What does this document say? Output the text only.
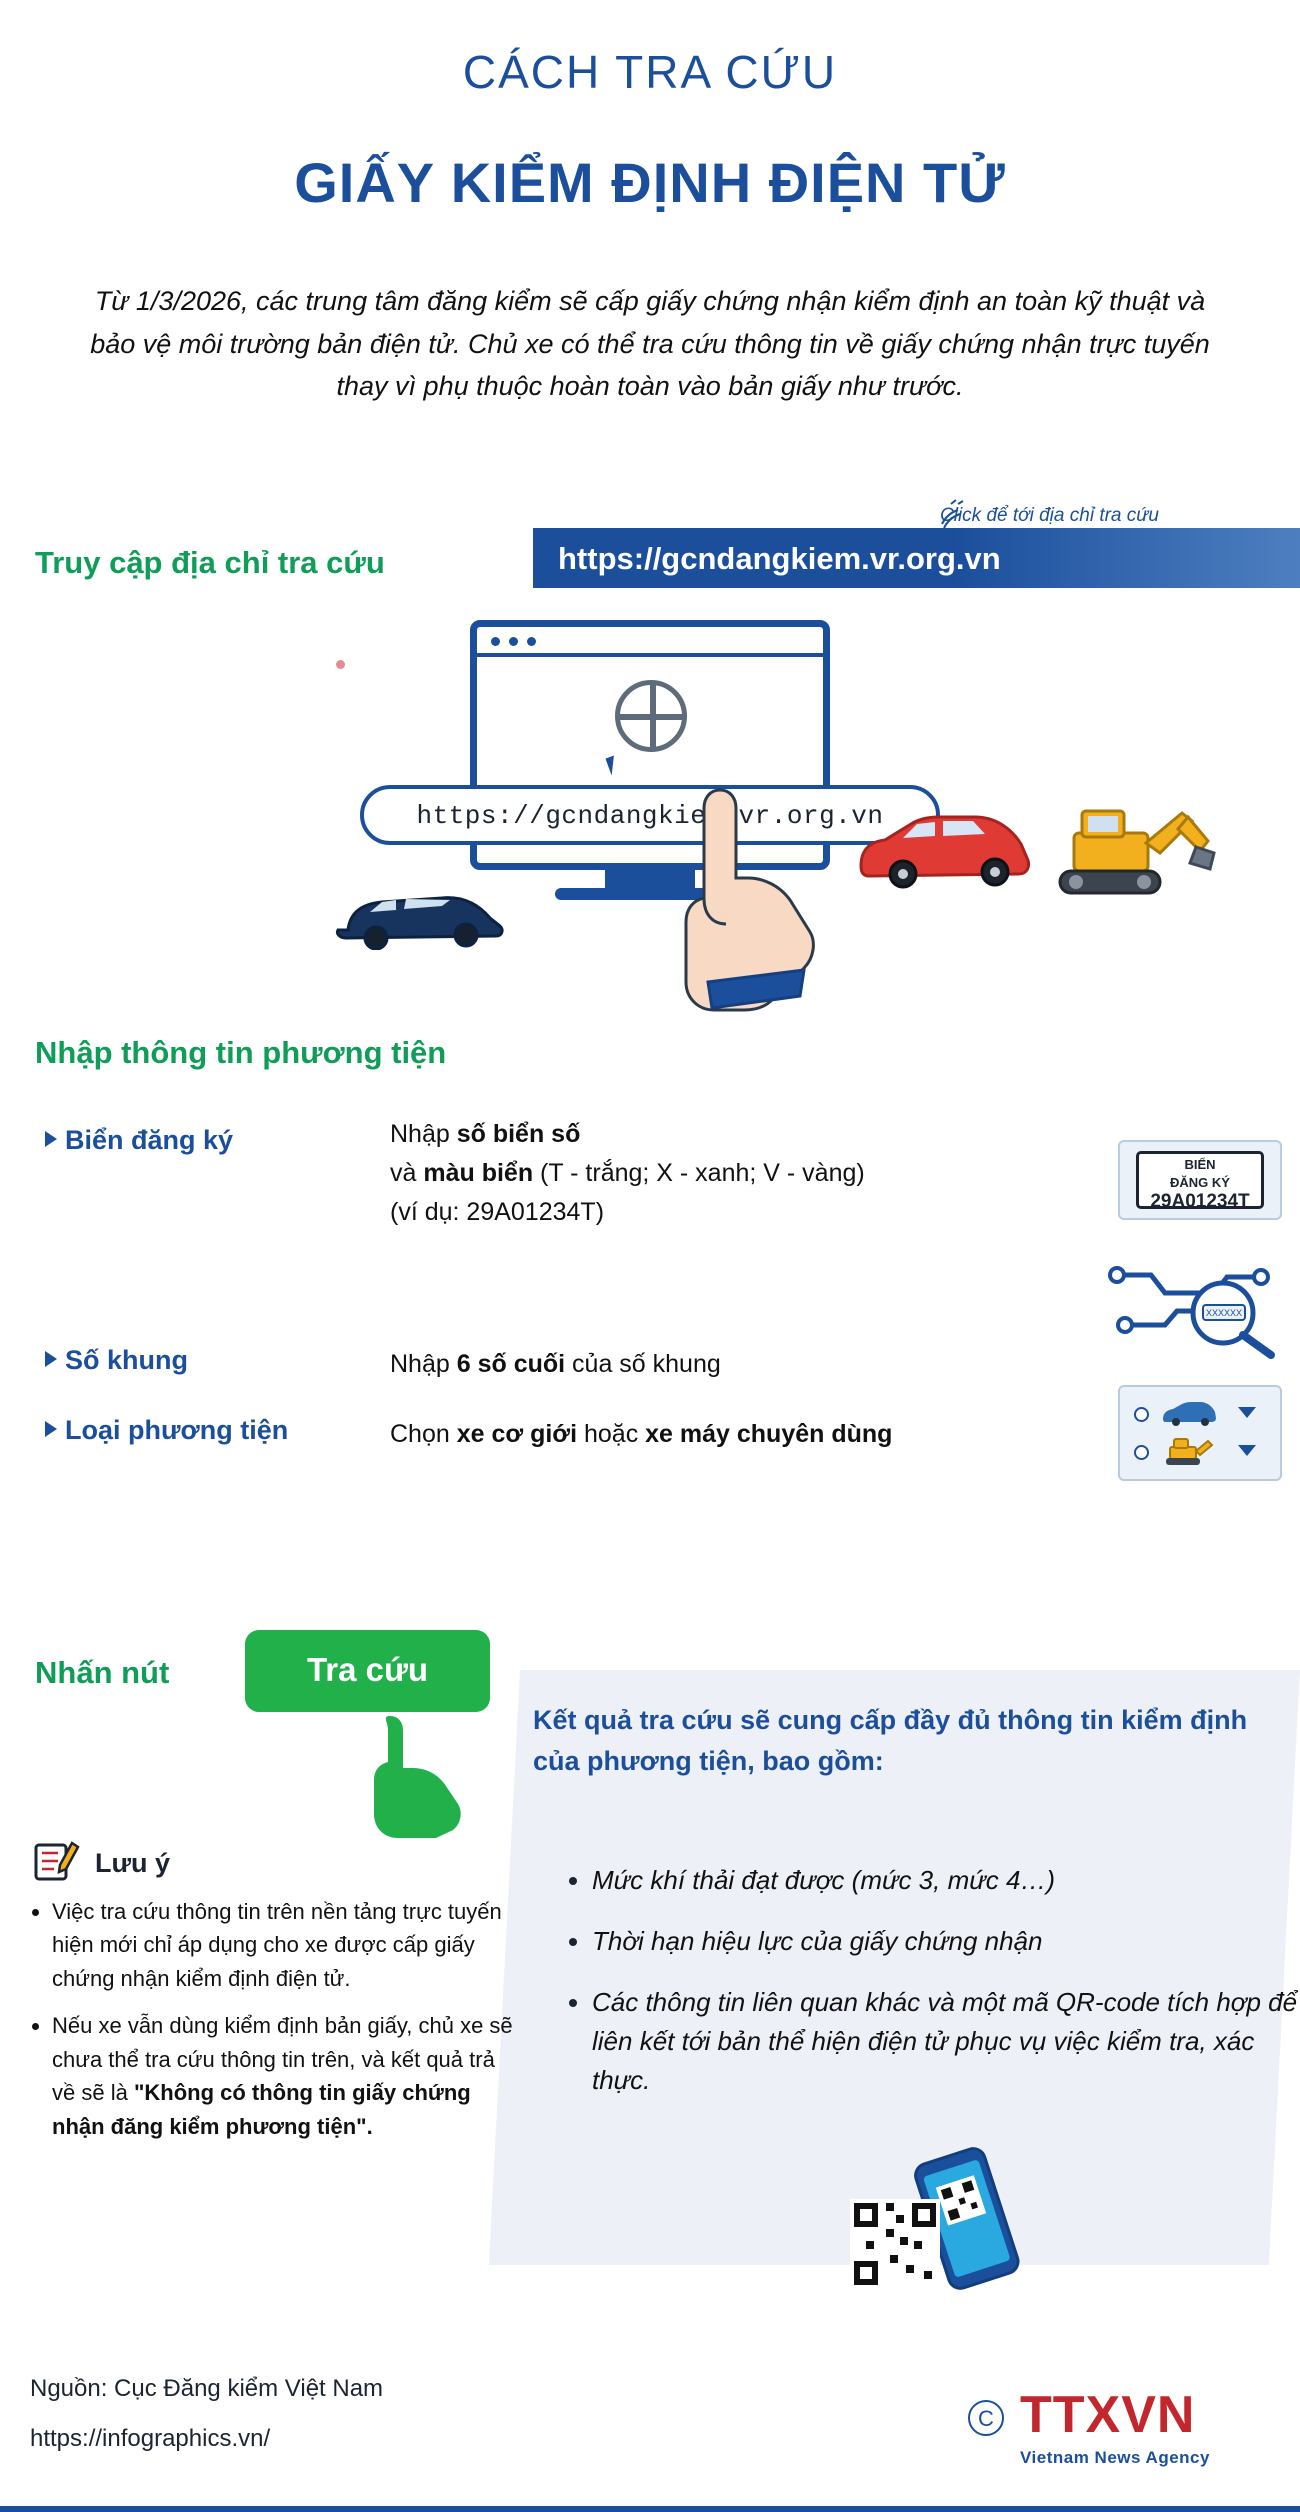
CÁCH TRA CỨU
GIẤY KIỂM ĐỊNH ĐIỆN TỬ
Từ 1/3/2026, các trung tâm đăng kiểm sẽ cấp giấy chứng nhận kiểm định an toàn kỹ thuật và bảo vệ môi trường bản điện tử. Chủ xe có thể tra cứu thông tin về giấy chứng nhận trực tuyến thay vì phụ thuộc hoàn toàn vào bản giấy như trước.
Click để tới địa chỉ tra cứu
Truy cập địa chỉ tra cứu	https://gcndangkiem.vr.org.vn
https://gcndangkiem.vr.org.vn
Nhập thông tin phương tiện
Biển đăng ký	Nhập số biển số
và màu biển (T - trắng; X - xanh; V - vàng)
(ví dụ: 29A01234T)
BIỂN
ĐĂNG KÝ
29A01234T
Số khung	Nhập 6 số cuối của số khung
XXXXXX
Loại phương tiện	Chọn xe cơ giới hoặc xe máy chuyên dùng
Nhấn nút	Tra cứu
Kết quả tra cứu sẽ cung cấp đầy đủ thông tin kiểm định của phương tiện, bao gồm:
• Mức khí thải đạt được (mức 3, mức 4…)
• Thời hạn hiệu lực của giấy chứng nhận
• Các thông tin liên quan khác và một mã QR-code tích hợp để liên kết tới bản thể hiện điện tử phục vụ việc kiểm tra, xác thực.
Lưu ý
• Việc tra cứu thông tin trên nền tảng trực tuyến hiện mới chỉ áp dụng cho xe được cấp giấy chứng nhận kiểm định điện tử.
• Nếu xe vẫn dùng kiểm định bản giấy, chủ xe sẽ chưa thể tra cứu thông tin trên, và kết quả trả về sẽ là "Không có thông tin giấy chứng nhận đăng kiểm phương tiện".
Nguồn: Cục Đăng kiểm Việt Nam
https://infographics.vn/
C TTXVN
Vietnam News Agency
